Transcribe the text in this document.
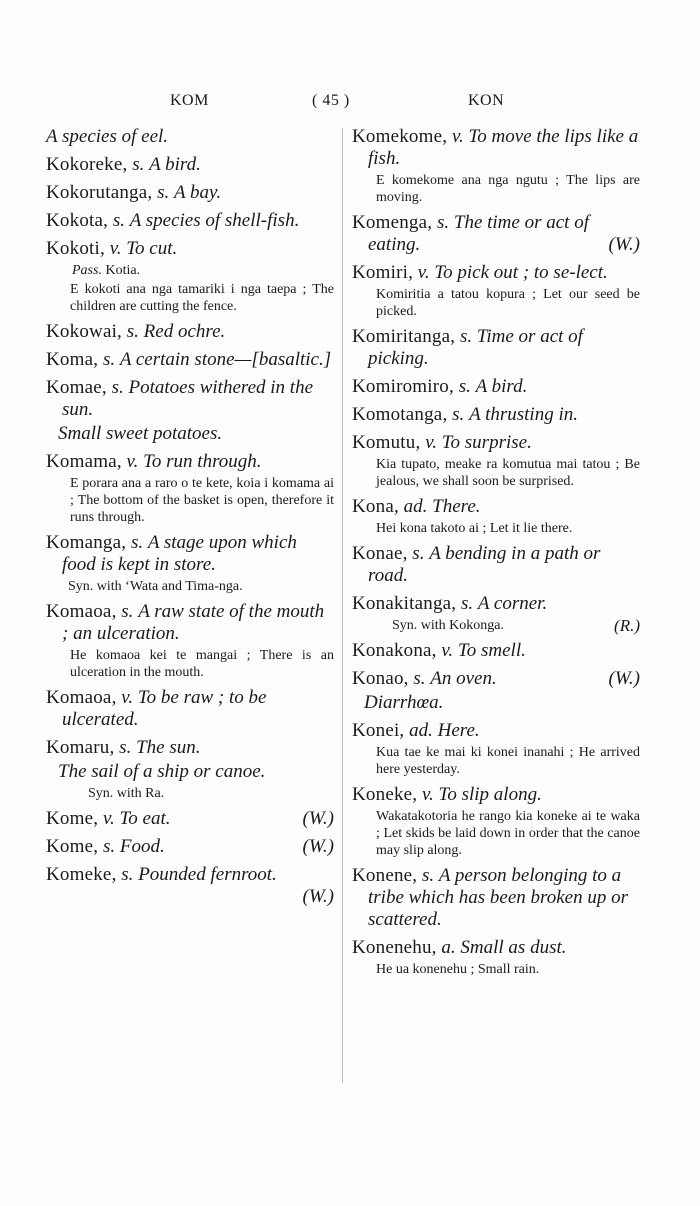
KOM	( 45 )	KON

A species of eel.

Kokoreke, s. A bird.

Kokorutanga, s. A bay.

Kokota, s. A species of shell-fish.

Kokoti, v. To cut.

Pass. Kotia.

E kokoti ana nga tamariki i nga taepa ; The children are cutting the fence.

Kokowai, s. Red ochre.

Koma, s. A certain stone—[basaltic.]

Komae, s. Potatoes withered in the sun.

Small sweet potatoes.

Komama, v. To run through.

E porara ana a raro o te kete, koia i komama ai ; The bottom of the basket is open, therefore it runs through.

Komanga, s. A stage upon which food is kept in store.

Syn. with ‘Wata and Tima-nga.

Komaoa, s. A raw state of the mouth ; an ulceration.

He komaoa kei te mangai ; There is an ulceration in the mouth.

Komaoa, v. To be raw ; to be ulcerated.

Komaru, s. The sun.

The sail of a ship or canoe.

Syn. with Ra.

Kome, v. To eat.	(W.)

Kome, s. Food.	(W.)

Komeke, s. Pounded fernroot.

(W.)

Komekome, v. To move the lips like a fish.

E komekome ana nga ngutu ; The lips are moving.

Komenga, s. The time or act of eating.	(W.)

Komiri, v. To pick out ; to se-lect.

Komiritia a tatou kopura ; Let our seed be picked.

Komiritanga, s. Time or act of picking.

Komiromiro, s. A bird.

Komotanga, s. A thrusting in.

Komutu, v. To surprise.

Kia tupato, meake ra komutua mai tatou ; Be jealous, we shall soon be surprised.

Kona, ad. There.

Hei kona takoto ai ; Let it lie there.

Konae, s. A bending in a path or road.

Konakitanga, s. A corner.

Syn. with Kokonga.	(R.)

Konakona, v. To smell.

Konao, s. An oven.	(W.)

Diarrhœa.

Konei, ad. Here.

Kua tae ke mai ki konei inanahi ; He arrived here yesterday.

Koneke, v. To slip along.

Wakatakotoria he rango kia koneke ai te waka ; Let skids be laid down in order that the canoe may slip along.

Konene, s. A person belonging to a tribe which has been broken up or scattered.

Konenehu, a. Small as dust.

He ua konenehu ; Small rain.
